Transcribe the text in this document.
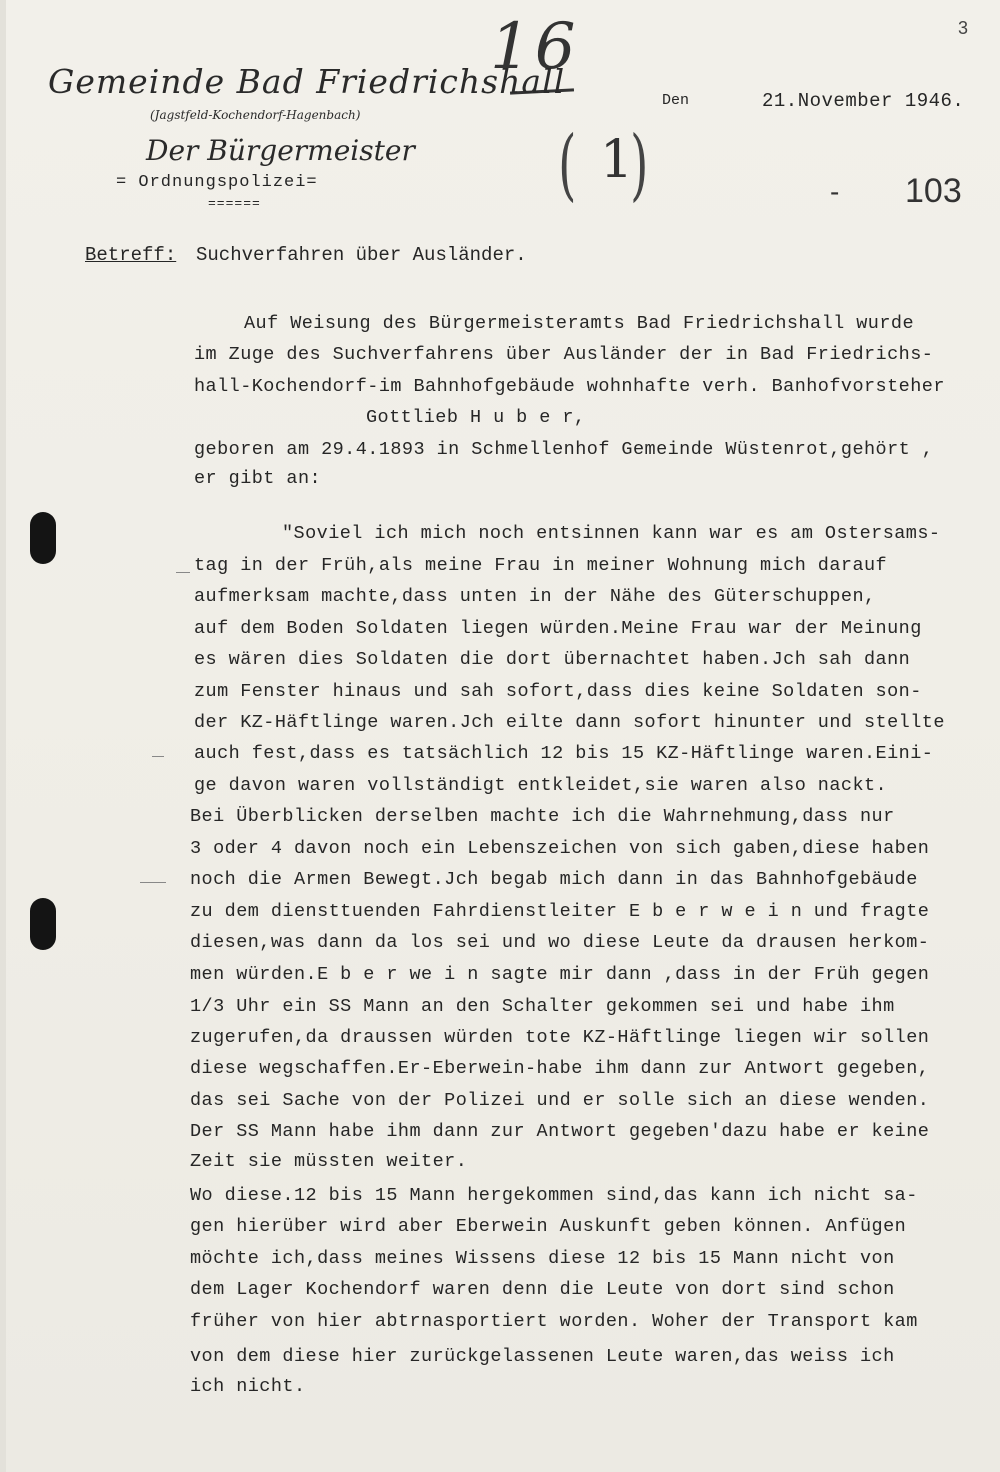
3
16
( 1
)
Gemeinde Bad Friedrichshall
(Jagstfeld-Kochendorf-Hagenbach)
Der Bürgermeister
= Ordnungspolizei=
======
Den	21.November 1946.
- 103
Betreff: Suchverfahren über Ausländer.
Auf Weisung des Bürgermeisteramts Bad Friedrichshall wurde
im Zuge des Suchverfahrens über Ausländer der in Bad Friedrichs-
hall-Kochendorf-im Bahnhofgebäude wohnhafte verh. Banhofvorsteher
Gottlieb H u b e r,
geboren am 29.4.1893 in Schmellenhof Gemeinde Wüstenrot,gehört ,
er gibt an:
"Soviel ich mich noch entsinnen kann war es am Ostersams-
tag in der Früh,als meine Frau in meiner Wohnung mich darauf
aufmerksam machte,dass unten in der Nähe des Güterschuppen,
auf dem Boden Soldaten liegen würden.Meine Frau war der Meinung
es wären dies Soldaten die dort übernachtet haben.Jch sah dann
zum Fenster hinaus und sah sofort,dass dies keine Soldaten son-
der KZ-Häftlinge waren.Jch eilte dann sofort hinunter und stellte
auch fest,dass es tatsächlich 12 bis 15 KZ-Häftlinge waren.Eini-
ge davon waren vollständigt entkleidet,sie waren also nackt.
Bei Überblicken derselben machte ich die Wahrnehmung,dass nur
3 oder 4 davon noch ein Lebenszeichen von sich gaben,diese haben
noch die Armen Bewegt.Jch begab mich dann in das Bahnhofgebäude
zu dem diensttuenden Fahrdienstleiter E b e r w e i n und fragte
diesen,was dann da los sei und wo diese Leute da drausen herkom-
men würden.E b e r we i n sagte mir dann ,dass in der Früh gegen
1/3 Uhr ein SS Mann an den Schalter gekommen sei und habe ihm
zugerufen,da draussen würden tote KZ-Häftlinge liegen wir sollen
diese wegschaffen.Er-Eberwein-habe ihm dann zur Antwort gegeben,
das sei Sache von der Polizei und er solle sich an diese wenden.
Der SS Mann habe ihm dann zur Antwort gegeben'dazu habe er keine
Zeit sie müssten weiter.
Wo diese.12 bis 15 Mann hergekommen sind,das kann ich nicht sa-
gen hierüber wird aber Eberwein Auskunft geben können. Anfügen
möchte ich,dass meines Wissens diese 12 bis 15 Mann nicht von
dem Lager Kochendorf waren denn die Leute von dort sind schon
früher von hier abtrnasportiert worden. Woher der Transport kam
von dem diese hier zurückgelassenen Leute waren,das weiss ich
ich nicht.
